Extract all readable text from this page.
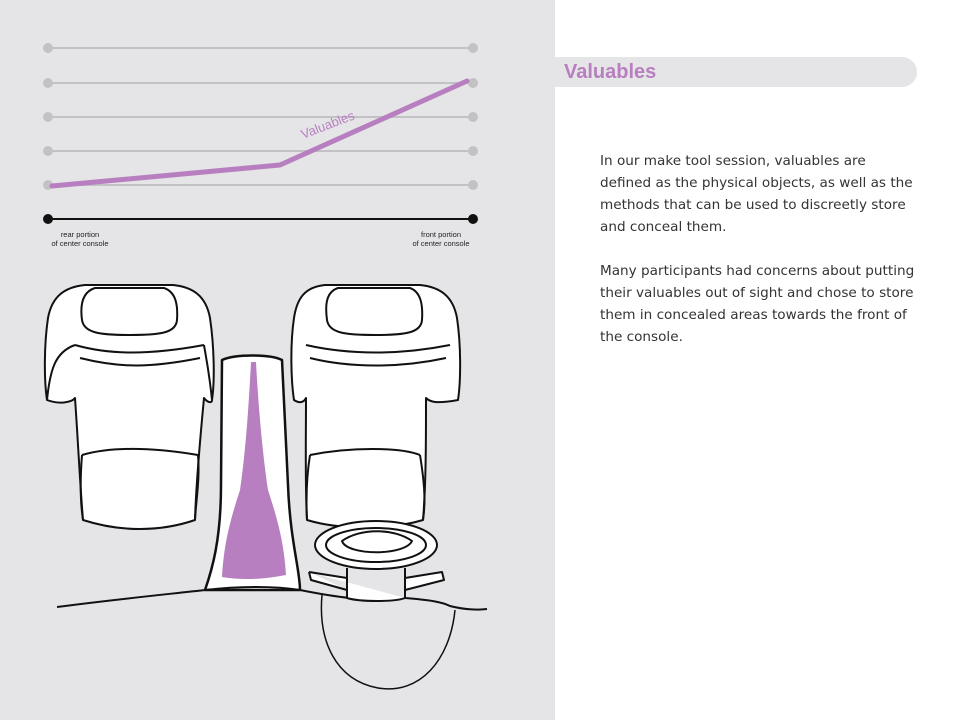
Valuables
rear portion
of center console
front portion
of center console
Valuables

In our make tool session, valuables are defined as the physical objects, as well as the methods that can be used to discreetly store and conceal them.

Many participants had concerns about putting their valuables out of sight and chose to store them in concealed areas towards the front of the console.
